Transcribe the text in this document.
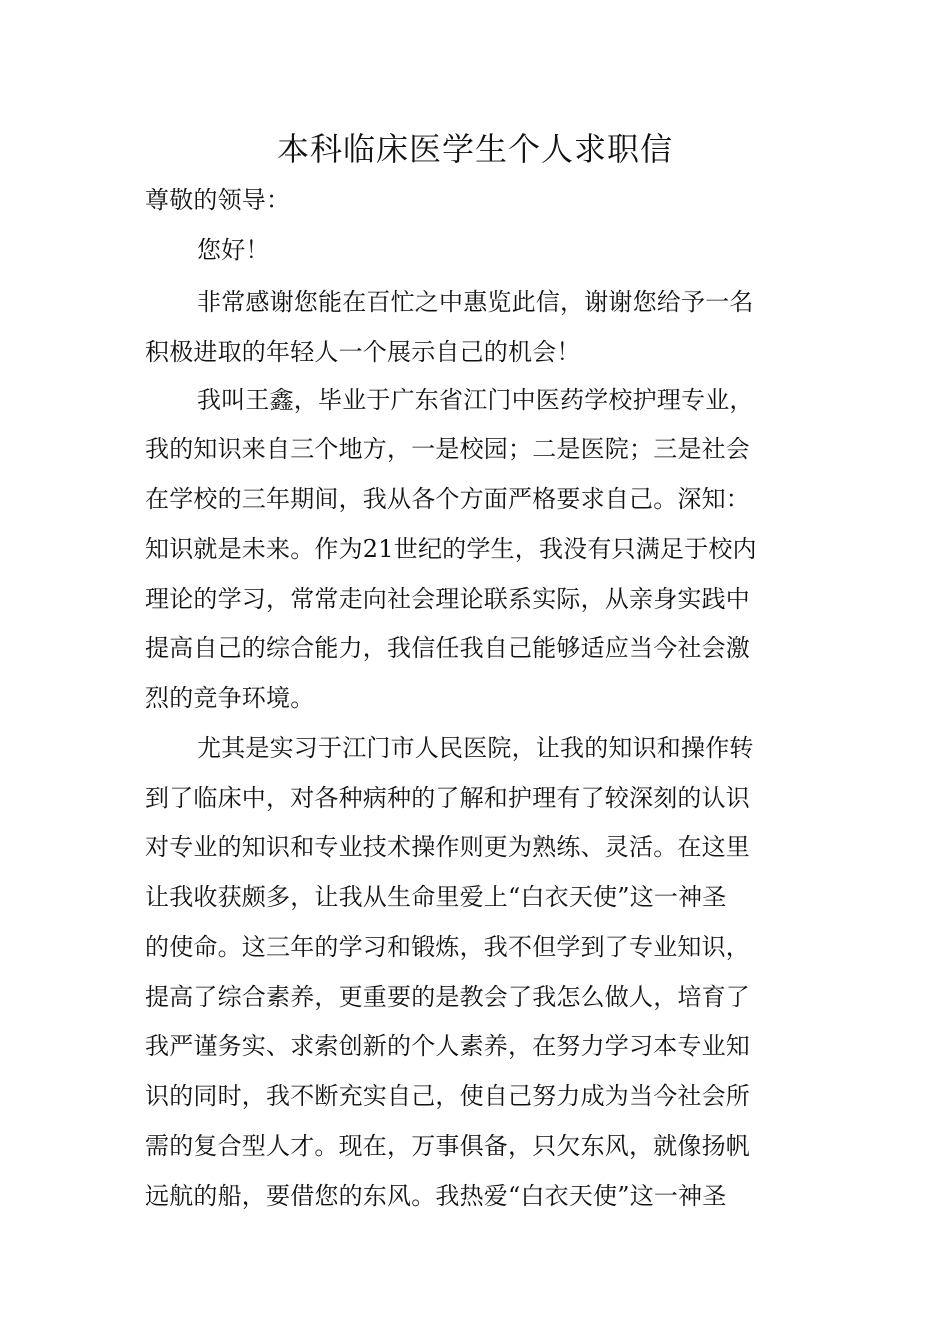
本科临床医学生个人求职信
尊敬的领导：
您好！
非常感谢您能在百忙之中惠览此信，谢谢您给予一名
积极进取的年轻人一个展示自己的机会！
我叫王鑫，毕业于广东省江门中医药学校护理专业，
我的知识来自三个地方，一是校园；二是医院；三是社会
在学校的三年期间，我从各个方面严格要求自己。深知：
知识就是未来。作为21世纪的学生，我没有只满足于校内
理论的学习，常常走向社会理论联系实际，从亲身实践中
提高自己的综合能力，我信任我自己能够适应当今社会激
烈的竞争环境。
尤其是实习于江门市人民医院，让我的知识和操作转
到了临床中，对各种病种的了解和护理有了较深刻的认识
对专业的知识和专业技术操作则更为熟练、灵活。在这里
让我收获颇多，让我从生命里爱上“白衣天使”这一神圣
的使命。这三年的学习和锻炼，我不但学到了专业知识，
提高了综合素养，更重要的是教会了我怎么做人，培育了
我严谨务实、求索创新的个人素养，在努力学习本专业知
识的同时，我不断充实自己，使自己努力成为当今社会所
需的复合型人才。现在，万事俱备，只欠东风，就像扬帆
远航的船，要借您的东风。我热爱“白衣天使”这一神圣
